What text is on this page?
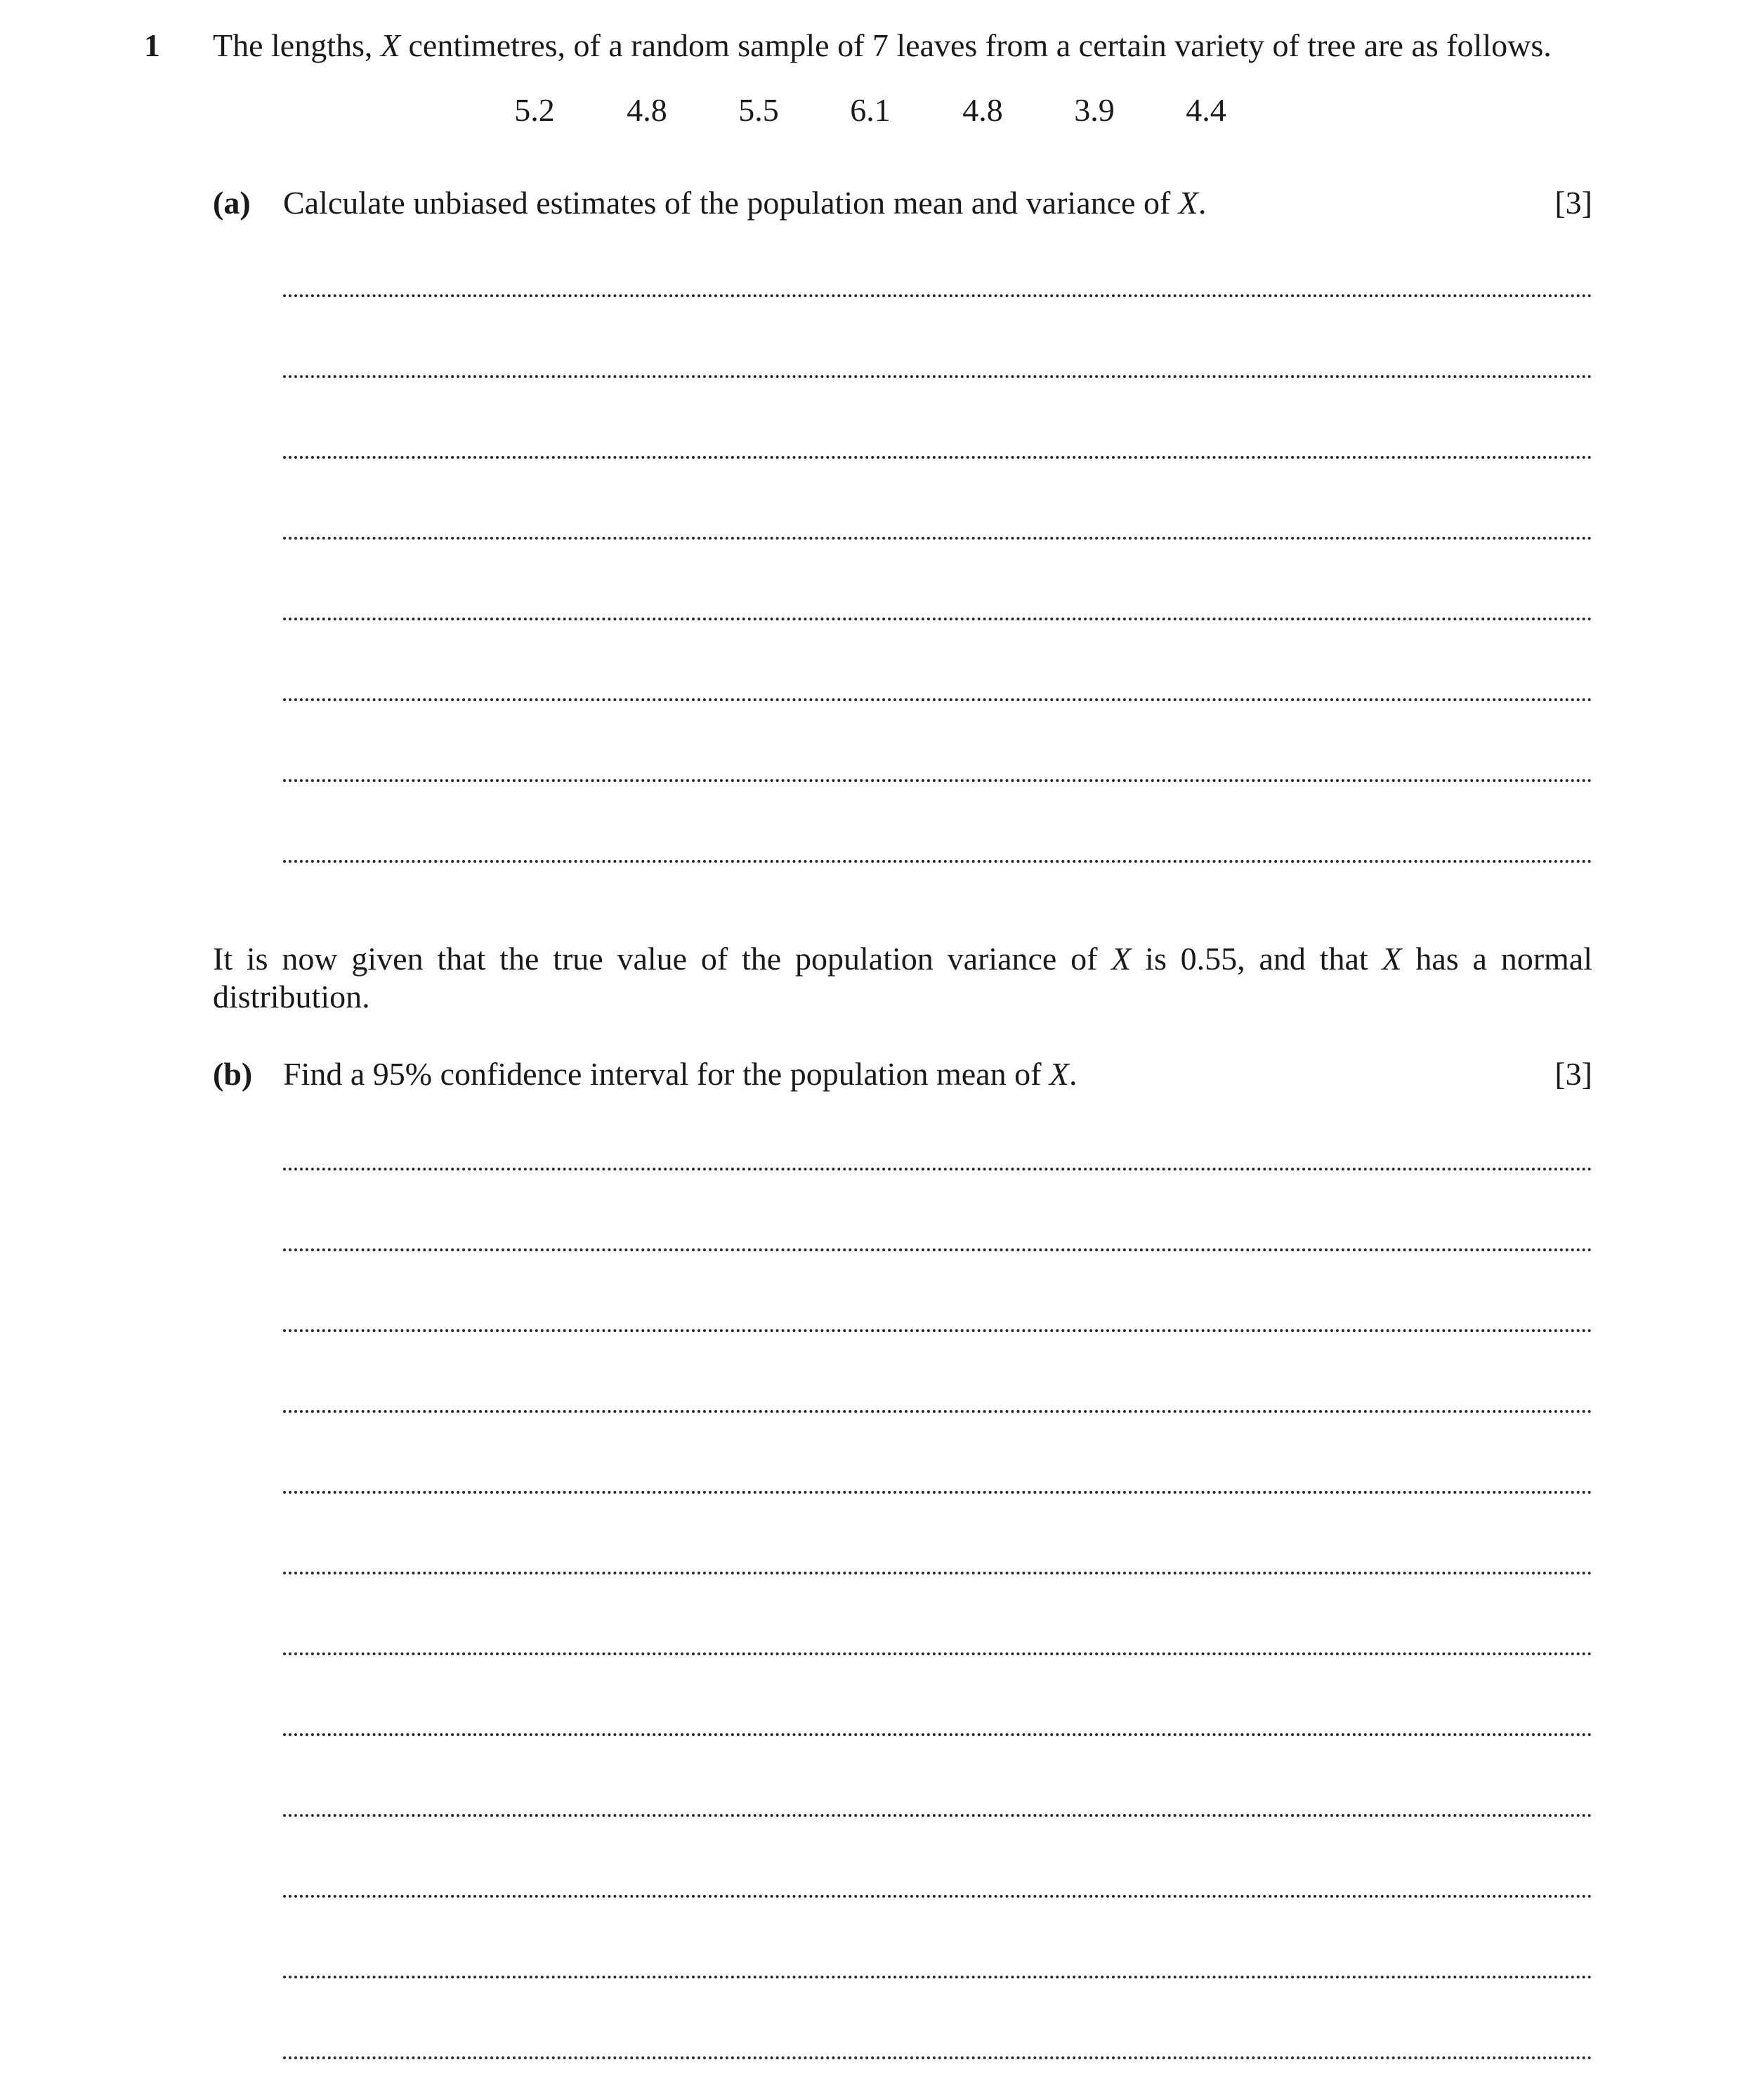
1 The lengths, X centimetres, of a random sample of 7 leaves from a certain variety of tree are as follows.
5.2 4.8 5.5 6.1 4.8 3.9 4.4
(a) Calculate unbiased estimates of the population mean and variance of X.	[3]
It is now given that the true value of the population variance of X is 0.55, and that X has a normal distribution.
(b) Find a 95% confidence interval for the population mean of X.	[3]
